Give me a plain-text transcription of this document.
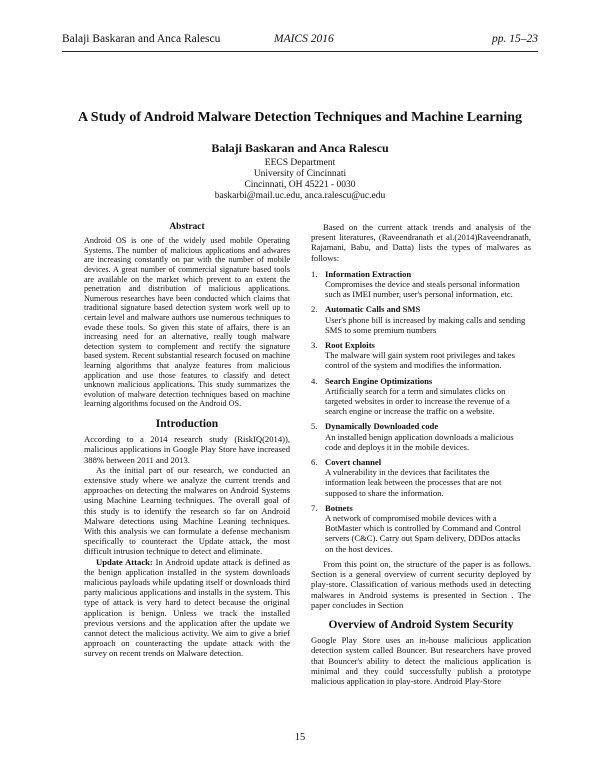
Balaji Baskaran and Anca Ralescu	MAICS 2016	pp. 15–23
A Study of Android Malware Detection Techniques and Machine Learning
Balaji Baskaran and Anca Ralescu
EECS Department
University of Cincinnati
Cincinnati, OH 45221 - 0030
baskarbi@mail.uc.edu, anca.ralescu@uc.edu
Abstract

Android OS is one of the widely used mobile Operating Systems. The number of malicious applications and adwares are increasing constantly on par with the number of mobile devices. A great number of commercial signature based tools are available on the market which prevent to an extent the penetration and distribution of malicious applications. Numerous researches have been conducted which claims that traditional signature based detection system work well up to certain level and malware authors use numerous techniques to evade these tools. So given this state of affairs, there is an increasing need for an alternative, really tough malware detection system to complement and rectify the signature based system. Recent substantial research focused on machine learning algorithms that analyze features from malicious application and use those features to classify and detect unknown malicious applications. This study summarizes the evolution of malware detection techniques based on machine learning algorithms focused on the Android OS.

Introduction

According to a 2014 research study (RiskIQ(2014)), malicious applications in Google Play Store have increased 388% between 2011 and 2013.

As the initial part of our research, we conducted an extensive study where we analyze the current trends and approaches on detecting the malwares on Android Systems using Machine Learning techniques. The overall goal of this study is to identify the research so far on Android Malware detections using Machine Leaning techniques. With this analysis we can formulate a defense mechanism specifically to counteract the Update attack, the most difficult intrusion technique to detect and eliminate.

Update Attack: In Android update attack is defined as the benign application installed in the system downloads malicious payloads while updating itself or downloads third party malicious applications and installs in the system. This type of attack is very hard to detect because the original application is benign. Unless we track the installed previous versions and the application after the update we cannot detect the malicious activity. We aim to give a brief approach on counteracting the update attack with the survey on recent trends on Malware detection.

Based on the current attack trends and analysis of the present literatures, (Raveendranath et al.(2014)Raveendranath, Rajamani, Babu, and Datta) lists the types of malwares as follows:

1. Information Extraction
Compromises the device and steals personal information such as IMEI number, user's personal information, etc.
2. Automatic Calls and SMS
User's phone bill is increased by making calls and sending SMS to some premium numbers
3. Root Exploits
The malware will gain system root privileges and takes control of the system and modifies the information.
4. Search Engine Optimizations
Artificially search for a term and simulates clicks on targeted websites in order to increase the revenue of a search engine or increase the traffic on a website.
5. Dynamically Downloaded code
An installed benign application downloads a malicious code and deploys it in the mobile devices.
6. Covert channel
A vulnerability in the devices that facilitates the information leak between the processes that are not supposed to share the information.
7. Botnets
A network of compromised mobile devices with a BotMaster which is controlled by Command and Control servers (C&C). Carry out Spam delivery, DDDos attacks on the host devices.

From this point on, the structure of the paper is as follows. Section is a general overview of current security deployed by play-store. Classification of various methods used in detecting malwares in Android systems is presented in Section . The paper concludes in Section

Overview of Android System Security

Google Play Store uses an in-house malicious application detection system called Bouncer. But researchers have proved that Bouncer's ability to detect the malicious application is minimal and they could successfully publish a prototype malicious application in play-store. Android Play-Store

15
